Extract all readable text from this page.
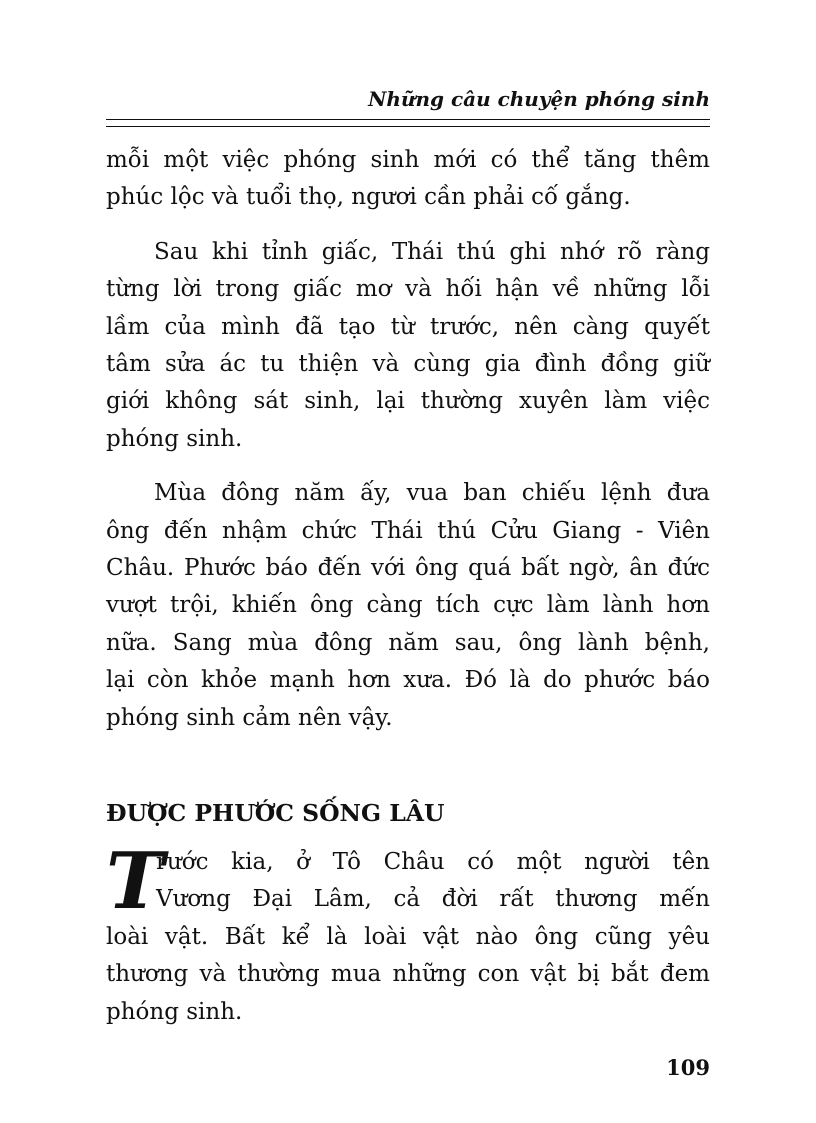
Những câu chuyện phóng sinh

mỗi một việc phóng sinh mới có thể tăng thêm

phúc lộc và tuổi thọ, ngươi cần phải cố gắng.

Sau khi tỉnh giấc, Thái thú ghi nhớ rõ ràng

từng lời trong giấc mơ và hối hận về những lỗi

lầm của mình đã tạo từ trước, nên càng quyết

tâm sửa ác tu thiện và cùng gia đình đồng giữ

giới không sát sinh, lại thường xuyên làm việc

phóng sinh.

Mùa đông năm ấy, vua ban chiếu lệnh đưa

ông đến nhậm chức Thái thú Cửu Giang - Viên

Châu. Phước báo đến với ông quá bất ngờ, ân đức

vượt trội, khiến ông càng tích cực làm lành hơn

nữa. Sang mùa đông năm sau, ông lành bệnh,

lại còn khỏe mạnh hơn xưa. Đó là do phước báo

phóng sinh cảm nên vậy.

ĐƯỢC PHƯỚC SỐNG LÂU
T

rước kia, ở Tô Châu có một người tên

Vương Đại Lâm, cả đời rất thương mến

loài vật. Bất kể là loài vật nào ông cũng yêu

thương và thường mua những con vật bị bắt đem

phóng sinh.

109
